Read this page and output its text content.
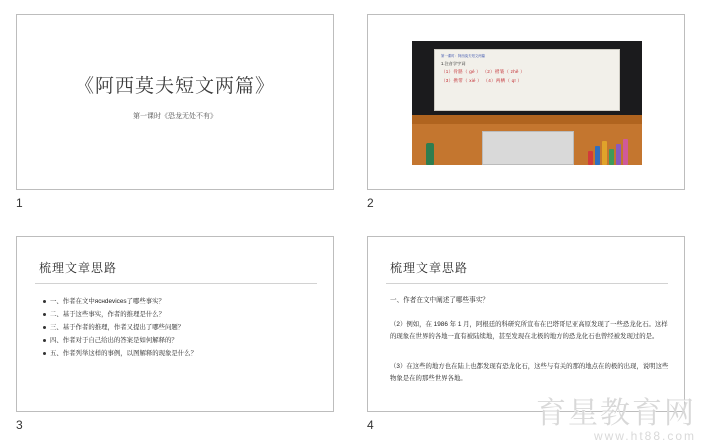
《阿西莫夫短文两篇》
第一课时《恐龙无处不有》
1
第一课时：阿西莫夫短文两篇
1.注音学字词
（1）骨骼（ gé ） （2）褶皱（ zhě ）
（3）携带（ xié ） （4）两栖（ qī ）
2
梳理文章思路
一、作者在文中яснdevices了哪些事实？
二、基于这些事实，作者的推理是什么？
三、基于作者的推理，作者又提出了哪些问题？
四、作者对于自己给出的答案是如何解释的？
五、作者列举这样的事例，以图解释的现象是什么？
3
梳理文章思路
一、作者在文中阐述了哪些事实？
（2）例如，在 1986 年 1 月，阿根廷的科研究所宣布在巴塔哥尼亚高原发现了一些恐龙化石。这样的现象在世界的各地一直有被陆续地，甚至发现在北极的地方的恐龙化石也曾经被发现过的是。
（3）在这些的地方也在陆上也都发现有恐龙化石，这些与有关的那的地点在的极的出现，说明这些物象是在的那些世界各地。
4	育星教育网
www.ht88.com
